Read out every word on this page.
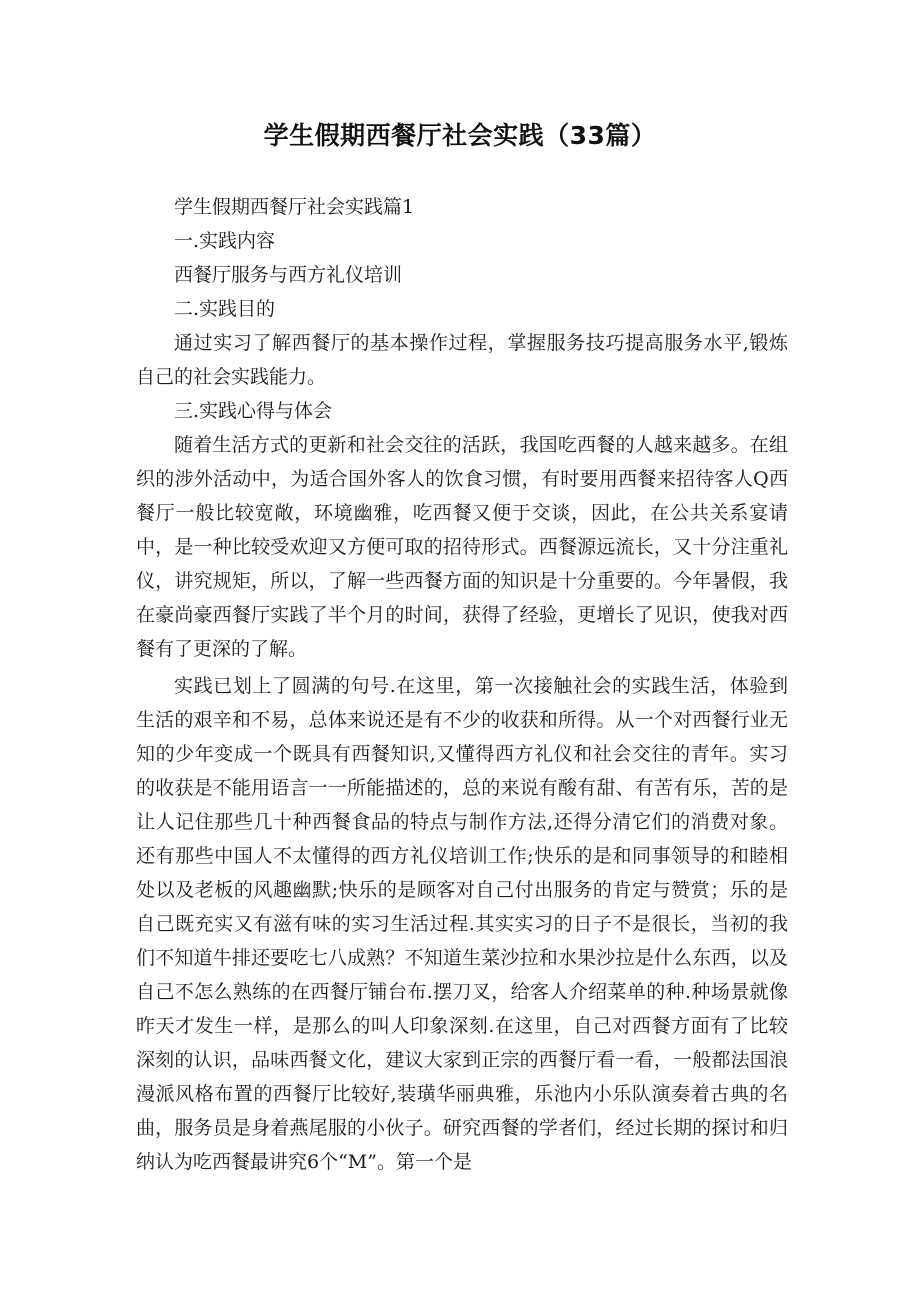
学生假期西餐厅社会实践（33篇）

学生假期西餐厅社会实践篇1

一.实践内容

西餐厅服务与西方礼仪培训

二.实践目的

通过实习了解西餐厅的基本操作过程，掌握服务技巧提高服务水平,锻炼自己的社会实践能力。

三.实践心得与体会

随着生活方式的更新和社会交往的活跃，我国吃西餐的人越来越多。在组织的涉外活动中，为适合国外客人的饮食习惯，有时要用西餐来招待客人Q西餐厅一般比较宽敞，环境幽雅，吃西餐又便于交谈，因此，在公共关系宴请中，是一种比较受欢迎又方便可取的招待形式。西餐源远流长，又十分注重礼仪，讲究规矩，所以，了解一些西餐方面的知识是十分重要的。今年暑假，我在豪尚豪西餐厅实践了半个月的时间，获得了经验，更增长了见识，使我对西餐有了更深的了解。

实践已划上了圆满的句号.在这里，第一次接触社会的实践生活，体验到生活的艰辛和不易，总体来说还是有不少的收获和所得。从一个对西餐行业无知的少年变成一个既具有西餐知识,又懂得西方礼仪和社会交往的青年。实习的收获是不能用语言一一所能描述的，总的来说有酸有甜、有苦有乐，苦的是让人记住那些几十种西餐食品的特点与制作方法,还得分清它们的消费对象。还有那些中国人不太懂得的西方礼仪培训工作;快乐的是和同事领导的和睦相处以及老板的风趣幽默;快乐的是顾客对自己付出服务的肯定与赞赏；乐的是自己既充实又有滋有味的实习生活过程.其实实习的日子不是很长，当初的我们不知道牛排还要吃七八成熟？不知道生菜沙拉和水果沙拉是什么东西，以及自己不怎么熟练的在西餐厅铺台布.摆刀叉，给客人介绍菜单的种.种场景就像昨天才发生一样，是那么的叫人印象深刻.在这里，自己对西餐方面有了比较深刻的认识，品味西餐文化，建议大家到正宗的西餐厅看一看，一般都法国浪漫派风格布置的西餐厅比较好,装璜华丽典雅，乐池内小乐队演奏着古典的名曲，服务员是身着燕尾服的小伙子。研究西餐的学者们，经过长期的探讨和归纳认为吃西餐最讲究6个“M”。第一个是
